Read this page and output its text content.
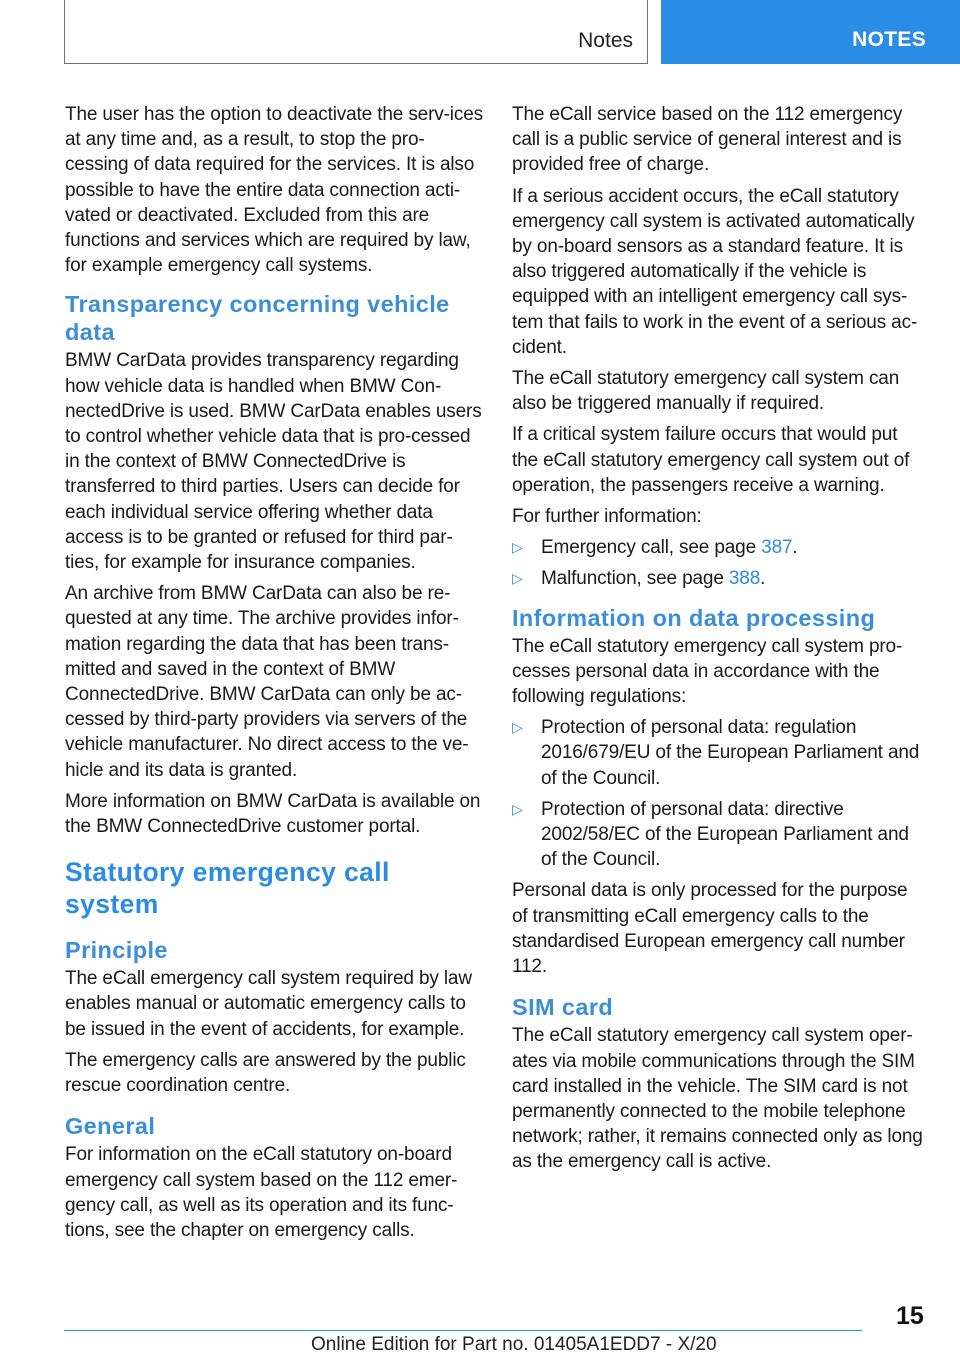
Notes	NOTES

The user has the option to deactivate the serv-ices at any time and, as a result, to stop the pro-cessing of data required for the services. It is also possible to have the entire data connection acti-vated or deactivated. Excluded from this are functions and services which are required by law, for example emergency call systems.

Transparency concerning vehicle data

BMW CarData provides transparency regarding how vehicle data is handled when BMW Con-nectedDrive is used. BMW CarData enables users to control whether vehicle data that is pro-cessed in the context of BMW ConnectedDrive is transferred to third parties. Users can decide for each individual service offering whether data access is to be granted or refused for third par-ties, for example for insurance companies.

An archive from BMW CarData can also be re-quested at any time. The archive provides infor-mation regarding the data that has been trans-mitted and saved in the context of BMW ConnectedDrive. BMW CarData can only be ac-cessed by third-party providers via servers of the vehicle manufacturer. No direct access to the ve-hicle and its data is granted.

More information on BMW CarData is available on the BMW ConnectedDrive customer portal.

Statutory emergency call system
Principle

The eCall emergency call system required by law enables manual or automatic emergency calls to be issued in the event of accidents, for example.

The emergency calls are answered by the public rescue coordination centre.

General

For information on the eCall statutory on-board emergency call system based on the 112 emer-gency call, as well as its operation and its func-tions, see the chapter on emergency calls.

The eCall service based on the 112 emergency call is a public service of general interest and is provided free of charge.

If a serious accident occurs, the eCall statutory emergency call system is activated automatically by on-board sensors as a standard feature. It is also triggered automatically if the vehicle is equipped with an intelligent emergency call sys-tem that fails to work in the event of a serious ac-cident.

The eCall statutory emergency call system can also be triggered manually if required.

If a critical system failure occurs that would put the eCall statutory emergency call system out of operation, the passengers receive a warning.

For further information:

▷ Emergency call, see page 387.
▷ Malfunction, see page 388.
Information on data processing

The eCall statutory emergency call system pro-cesses personal data in accordance with the following regulations:

▷ Protection of personal data: regulation 2016/679/EU of the European Parliament and of the Council.
▷ Protection of personal data: directive 2002/58/EC of the European Parliament and of the Council.

Personal data is only processed for the purpose of transmitting eCall emergency calls to the standardised European emergency call number 112.

SIM card

The eCall statutory emergency call system oper-ates via mobile communications through the SIM card installed in the vehicle. The SIM card is not permanently connected to the mobile telephone network; rather, it remains connected only as long as the emergency call is active.

15
Online Edition for Part no. 01405A1EDD7 - X/20
